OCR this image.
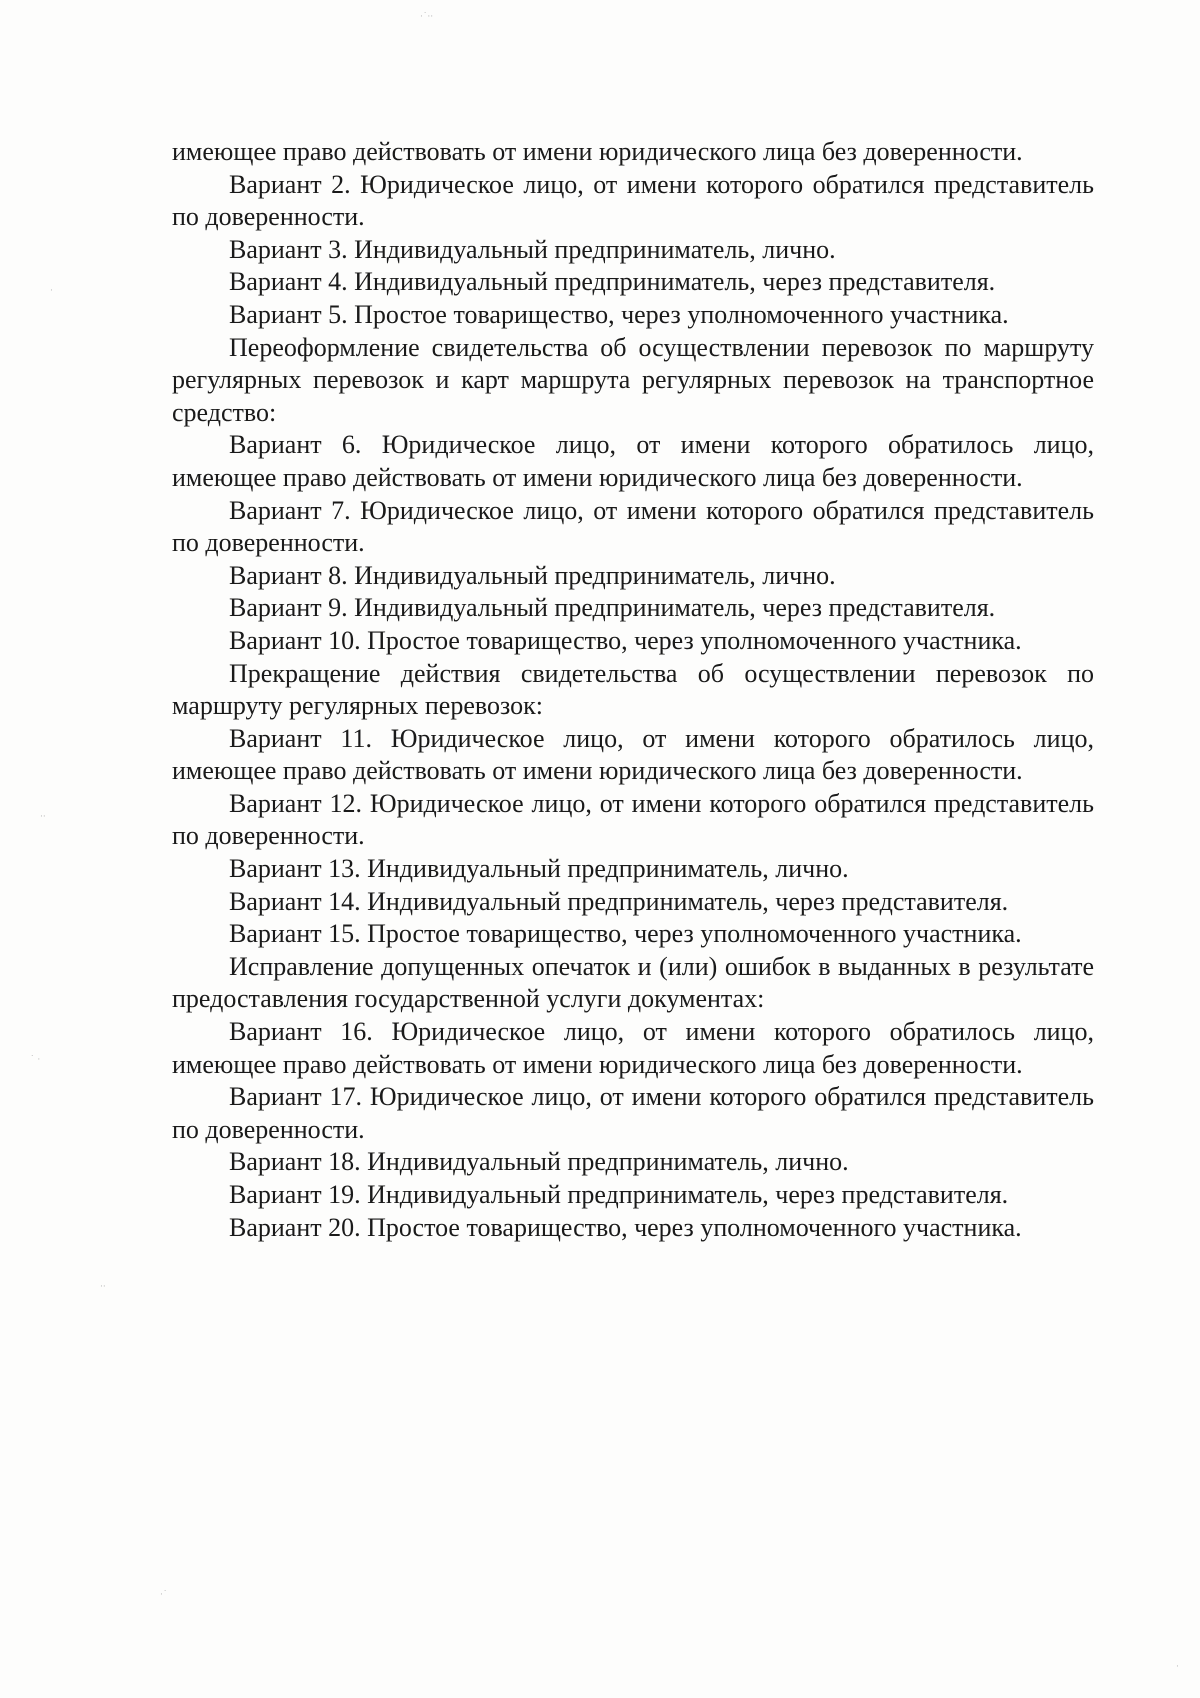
·˙··
·
··
˙ ·
··
·˙
·

имеющее право действовать от имени юридического лица без доверенности.

Вариант 2. Юридическое лицо, от имени которого обратился представитель по доверенности.

Вариант 3. Индивидуальный предприниматель, лично.

Вариант 4. Индивидуальный предприниматель, через представителя.

Вариант 5. Простое товарищество, через уполномоченного участника.

Переоформление свидетельства об осуществлении перевозок по маршруту регулярных перевозок и карт маршрута регулярных перевозок на транспортное средство:

Вариант 6. Юридическое лицо, от имени которого обратилось лицо, имеющее право действовать от имени юридического лица без доверенности.

Вариант 7. Юридическое лицо, от имени которого обратился представитель по доверенности.

Вариант 8. Индивидуальный предприниматель, лично.

Вариант 9. Индивидуальный предприниматель, через представителя.

Вариант 10. Простое товарищество, через уполномоченного участника.

Прекращение действия свидетельства об осуществлении перевозок по маршруту регулярных перевозок:

Вариант 11. Юридическое лицо, от имени которого обратилось лицо, имеющее право действовать от имени юридического лица без доверенности.

Вариант 12. Юридическое лицо, от имени которого обратился представитель по доверенности.

Вариант 13. Индивидуальный предприниматель, лично.

Вариант 14. Индивидуальный предприниматель, через представителя.

Вариант 15. Простое товарищество, через уполномоченного участника.

Исправление допущенных опечаток и (или) ошибок в выданных в результате предоставления государственной услуги документах:

Вариант 16. Юридическое лицо, от имени которого обратилось лицо, имеющее право действовать от имени юридического лица без доверенности.

Вариант 17. Юридическое лицо, от имени которого обратился представитель по доверенности.

Вариант 18. Индивидуальный предприниматель, лично.

Вариант 19. Индивидуальный предприниматель, через представителя.

Вариант 20. Простое товарищество, через уполномоченного участника.
